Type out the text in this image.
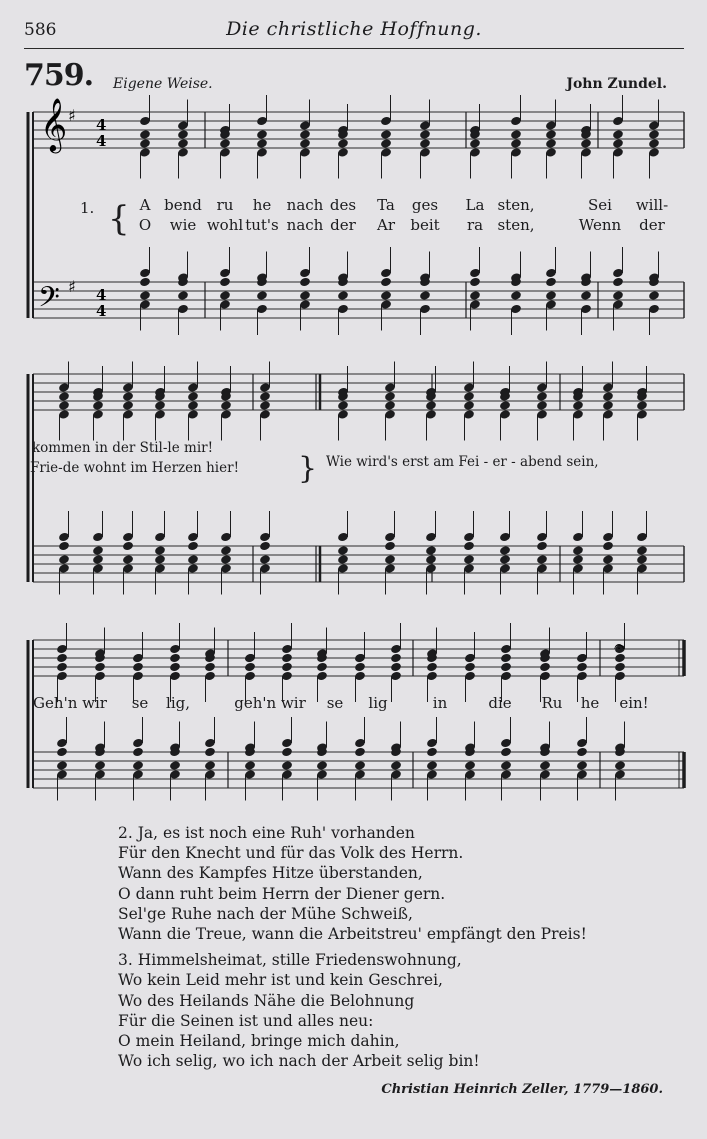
586	Die christliche Hoffnung.
759. Eigene Weise.	John Zundel.
𝄞
𝄢
♯
♯
4
4
4
4
𝄐
1. { A bend ru he nach des Ta ges La sten,	Sei will-
O wie wohl tut's nach der Ar beit ra sten,	Wenn der
kommen in der Stil-le mir!
Frie-de wohnt im Herzen hier! } Wie wird's erst am Fei - er - abend sein,
Geh'n wir se lig,	geh'n wir se lig	in	die Ru he ein!
2. Ja, es ist noch eine Ruh' vorhanden
Für den Knecht und für das Volk des Herrn.
Wann des Kampfes Hitze überstanden,
O dann ruht beim Herrn der Diener gern.
Sel'ge Ruhe nach der Mühe Schweiß,
Wann die Treue, wann die Arbeitstreu' empfängt den Preis!
3. Himmelsheimat, stille Friedenswohnung,
Wo kein Leid mehr ist und kein Geschrei,
Wo des Heilands Nähe die Belohnung
Für die Seinen ist und alles neu:
O mein Heiland, bringe mich dahin,
Wo ich selig, wo ich nach der Arbeit selig bin!
Christian Heinrich Zeller, 1779—1860.
